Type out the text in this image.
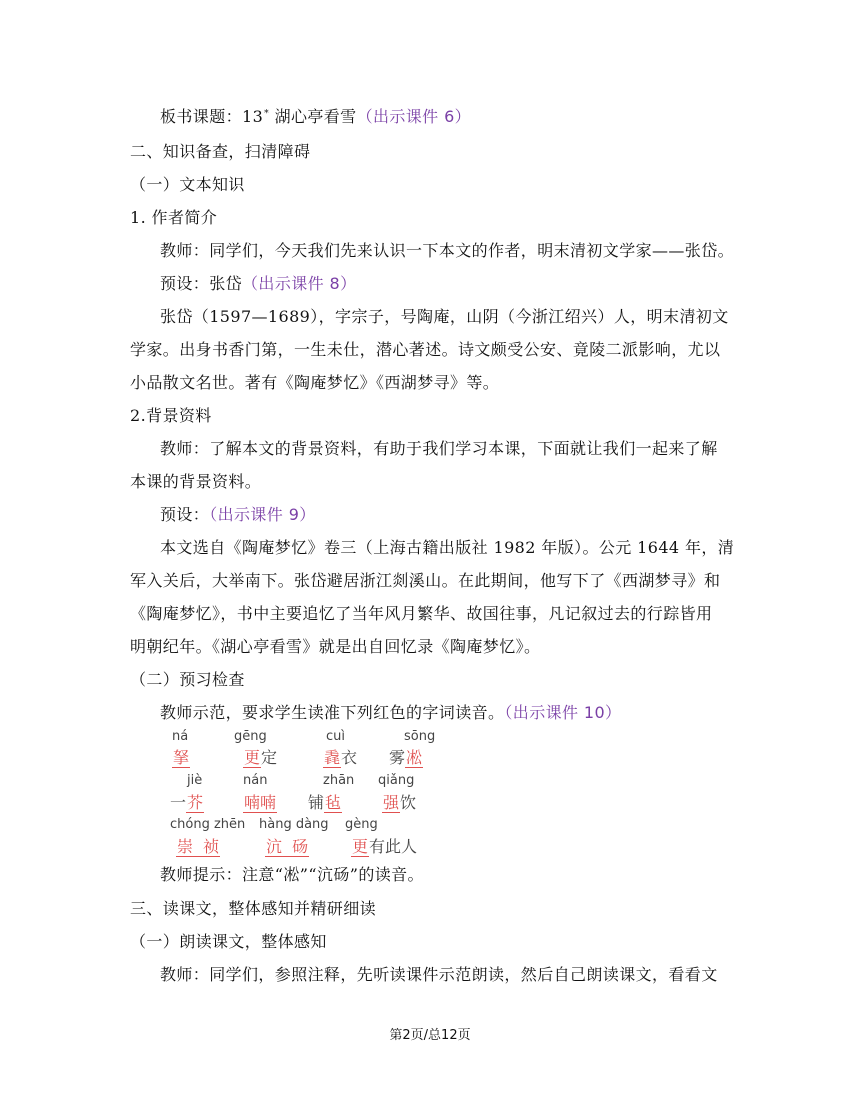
板书课题：13* 湖心亭看雪（出示课件 6）
二、知识备查，扫清障碍
（一）文本知识
1. 作者简介
教师：同学们，今天我们先来认识一下本文的作者，明末清初文学家——张岱。
预设：张岱（出示课件 8）
张岱（1597—1689），字宗子，号陶庵，山阴（今浙江绍兴）人，明末清初文
学家。出身书香门第，一生未仕，潜心著述。诗文颇受公安、竟陵二派影响，尤以
小品散文名世。著有《陶庵梦忆》《西湖梦寻》等。
2.背景资料
教师：了解本文的背景资料，有助于我们学习本课，下面就让我们一起来了解
本课的背景资料。
预设：（出示课件 9）
本文选自《陶庵梦忆》卷三（上海古籍出版社 1982 年版）。公元 1644 年，清
军入关后，大举南下。张岱避居浙江剡溪山。在此期间，他写下了《西湖梦寻》和
《陶庵梦忆》，书中主要追忆了当年风月繁华、故国往事，凡记叙过去的行踪皆用
明朝纪年。《湖心亭看雪》就是出自回忆录《陶庵梦忆》。
（二）预习检查
教师示范，要求学生读准下列红色的字词读音。（出示课件 10）
ná
拏
gēng
更定
cuì
毳衣
sōng
雾凇
jiè
一芥
nán
喃喃
zhān
铺毡
qiǎng
强饮
chóng zhēn
崇  祯
hàng dàng
沆  砀
gèng
更有此人
教师提示：注意“凇”“沆砀”的读音。
三、读课文，整体感知并精研细读
（一）朗读课文，整体感知
教师：同学们，参照注释，先听读课件示范朗读，然后自己朗读课文，看看文
第2页/总12页
